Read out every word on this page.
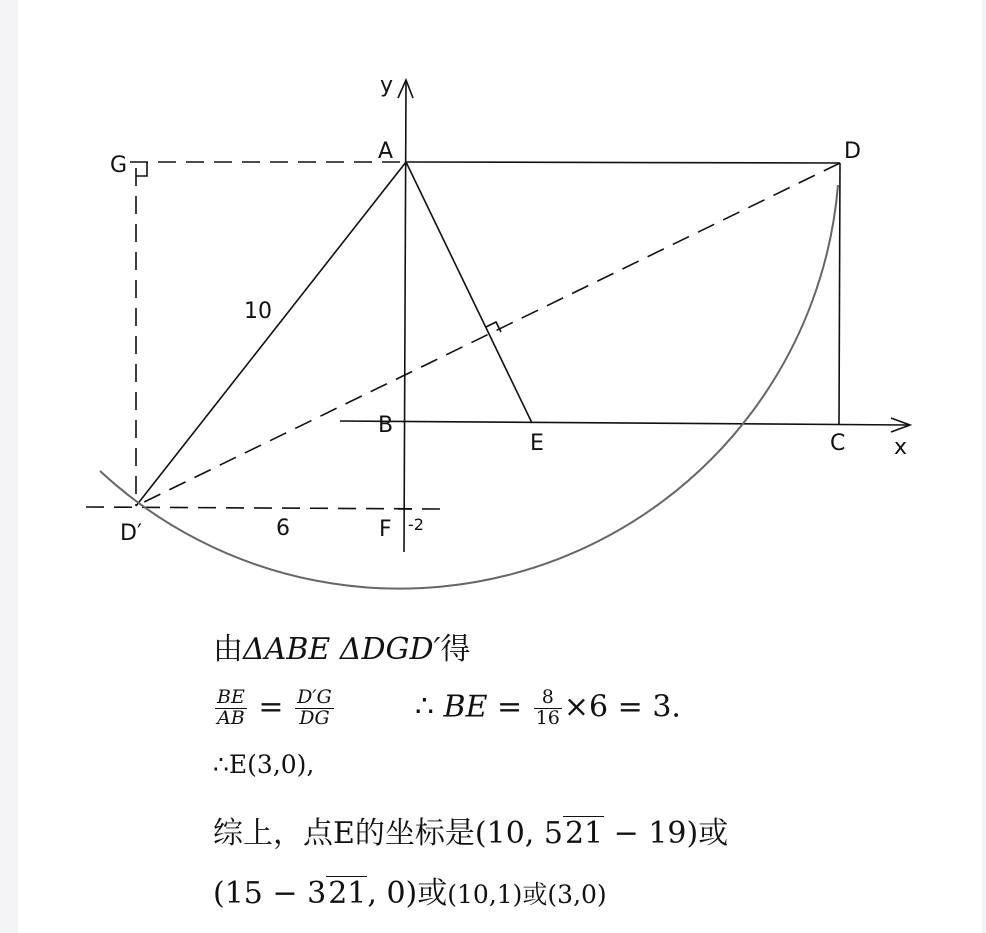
A	D
G
B
E	C
F
D′
y
x
10
6	-2
由ΔABE ΔDGD′得
$\frac{BE}{AB} = \frac{D'G}{DG}$	∴ BE = $\frac{8}{16} \times 6 = 3$.
∴E(3,0),
综上，点E的坐标是(10, 521 − 19)或
(15 − 321, 0)或(10,1)或(3,0)
